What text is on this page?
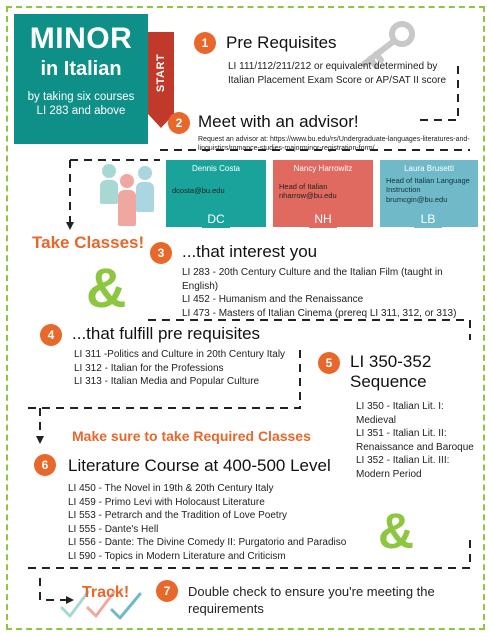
MINOR
in Italian
by taking six courses LI 283 and above
START
1	Pre Requisites
LI 111/112/211/212 or equivalent determined by Italian Placement Exam Score or AP/SAT II score
2 Meet with an advisor!
Request an advisor at: https://www.bu.edu/rs/Undergraduate-languages-literatures-and-linguistics/romance-studies-majorminor-registration-form/
Dennis Costa
dcosta@bu.edu
DC
Nancy Harrowitz
Head of Italian
nharrow@bu.edu
NH
Laura Brusetti
Head of Italian Language Instruction
brumcgin@bu.edu
LB
Take Classes!
&
3	...that interest you
LI 283 - 20th Century Culture and the Italian Film (taught in English)
LI 452 - Humanism and the Renaissance
LI 473 - Masters of Italian Cinema (prereq LI 311, 312, or 313)
4	...that fulfill pre requisites
LI 311 -Politics and Culture in 20th Century Italy
LI 312 - Italian for the Professions
LI 313 - Italian Media and Popular Culture
5	LI 350-352 Sequence
LI 350 - Italian Lit. I: Medieval
LI 351 - Italian Lit. II: Renaissance and Baroque
LI 352 - Italian Lit. III: Modern Period
Make sure to take Required Classes
6	Literature Course at 400-500 Level
LI 450 - The Novel in 19th & 20th Century Italy
LI 459 - Primo Levi with Holocaust Literature
LI 553 - Petrarch and the Tradition of Love Poetry
LI 555 - Dante's Hell
LI 556 - Dante: The Divine Comedy II: Purgatorio and Paradiso
LI 590 - Topics in Modern Literature and Criticism	&
Track!	7	Double check to ensure you're meeting the requirements
